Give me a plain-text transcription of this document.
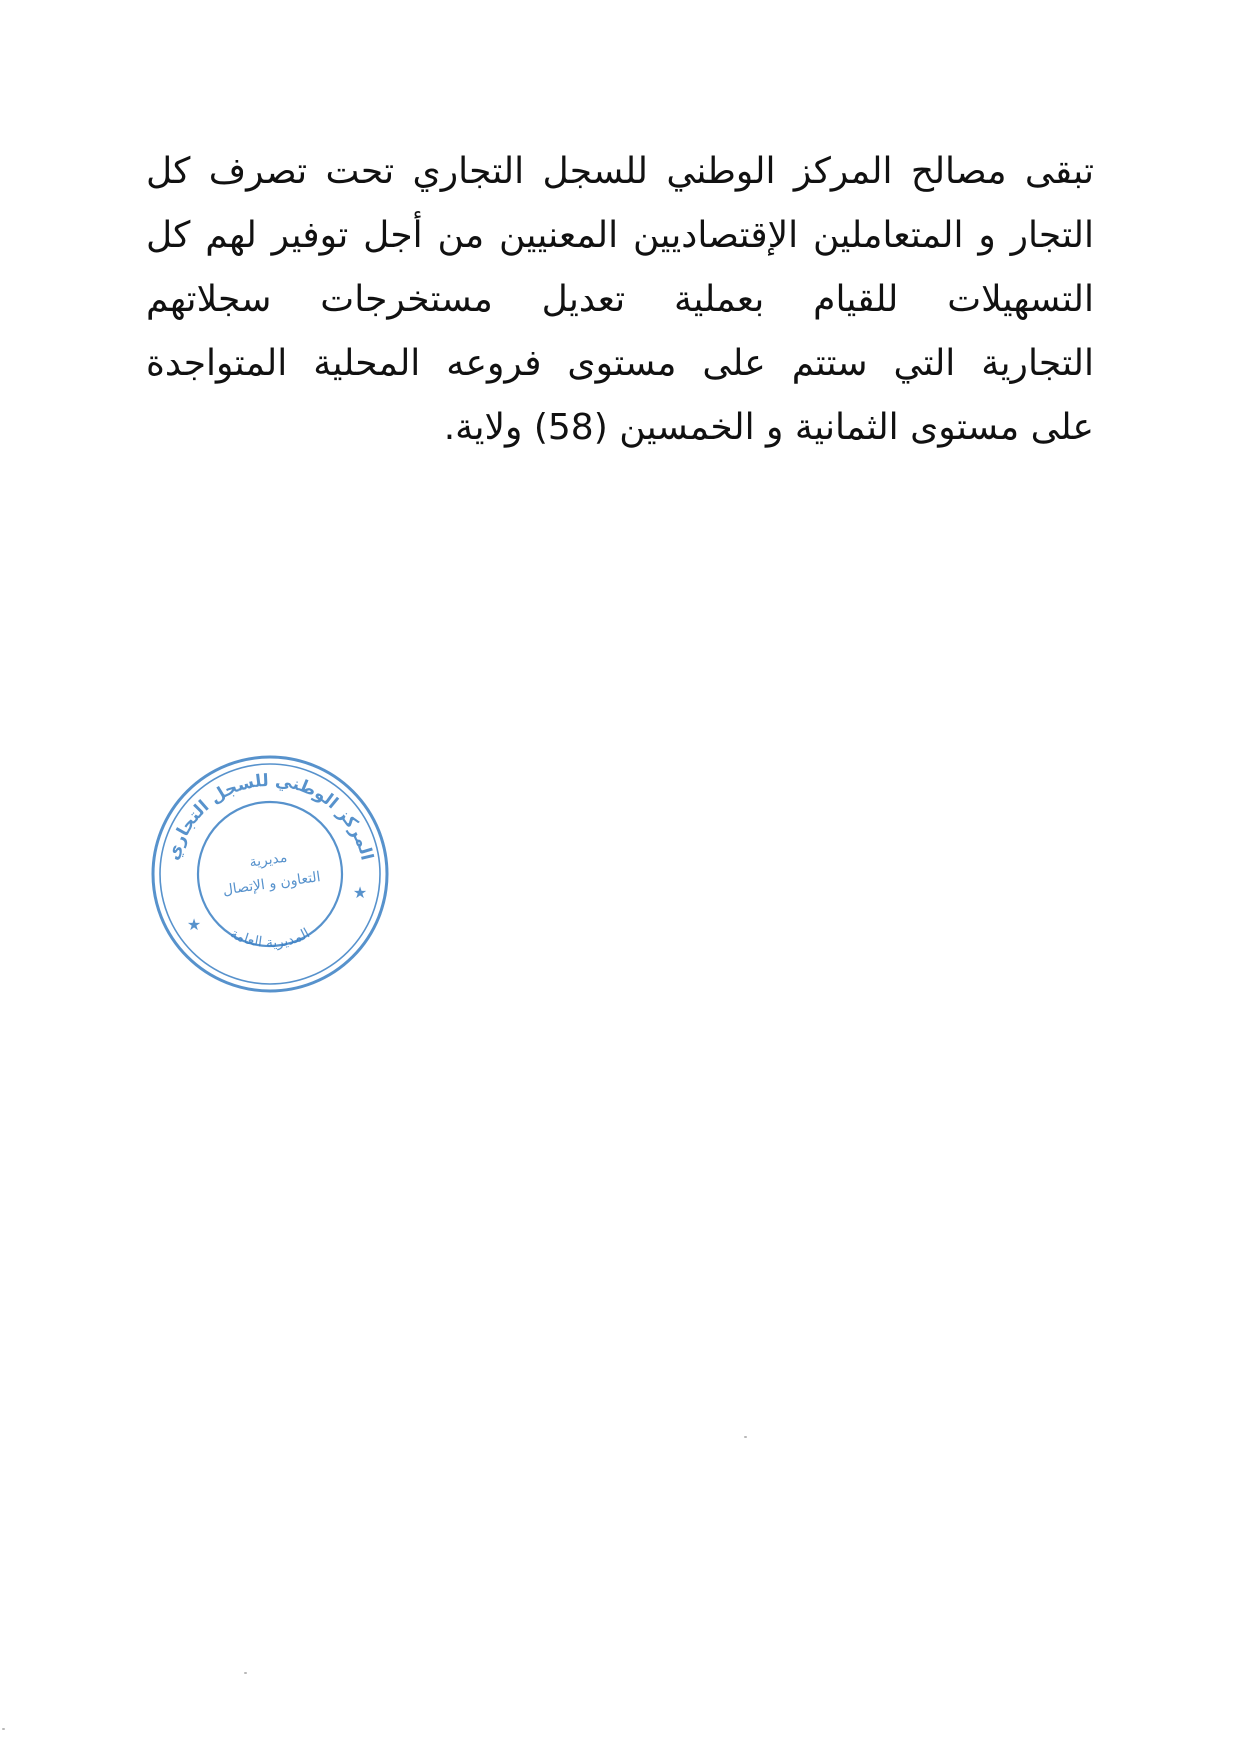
تبقى مصالح المركز الوطني للسجل التجاري تحت تصرف كل
التجار و المتعاملين الإقتصاديين المعنيين من أجل توفير لهم كل
التسهيلات للقيام بعملية تعديل مستخرجات سجلاتهم
التجارية التي ستتم على مستوى فروعه المحلية المتواجدة
على مستوى الثمانية و الخمسين (58) ولاية.

المركز الوطني للسجل التجاري
المديرية العامة
مديرية
التعاون و الإتصال ★
★
